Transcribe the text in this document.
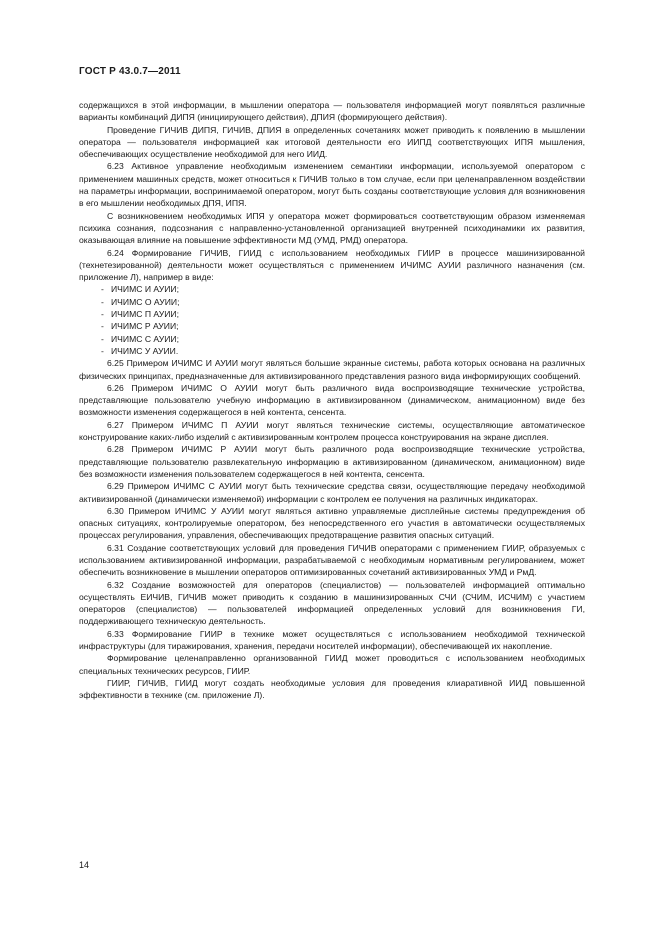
ГОСТ Р 43.0.7—2011

содержащихся в этой информации, в мышлении оператора — пользователя информацией могут появляться различные варианты комбинаций ДИПЯ (инициирующего действия), ДПИЯ (формирующего действия).

Проведение ГИЧИВ ДИПЯ, ГИЧИВ, ДПИЯ в определенных сочетаниях может приводить к появлению в мышлении оператора — пользователя информацией как итоговой деятельности его ИИПД соответствующих ИПЯ мышления, обеспечивающих осуществление необходимой для него ИИД.

6.23 Активное управление необходимым изменением семантики информации, используемой оператором с применением машинных средств, может относиться к ГИЧИВ только в том случае, если при целенаправленном воздействии на параметры информации, воспринимаемой оператором, могут быть созданы соответствующие условия для возникновения в его мышлении необходимых ДПЯ, ИПЯ.

С возникновением необходимых ИПЯ у оператора может формироваться соответствующим образом изменяемая психика сознания, подсознания с направленно-установленной организацией внутренней психодинамики их развития, оказывающая влияние на повышение эффективности МД (УМД, РМД) оператора.

6.24 Формирование ГИЧИВ, ГИИД с использованием необходимых ГИИР в процессе машинизированной (технетезированной) деятельности может осуществляться с применением ИЧИМС АУИИ различного назначения (см. приложение Л), например в виде:

- ИЧИМС И АУИИ;
- ИЧИМС О АУИИ;
- ИЧИМС П АУИИ;
- ИЧИМС Р АУИИ;
- ИЧИМС С АУИИ;
- ИЧИМС У АУИИ.

6.25 Примером ИЧИМС И АУИИ могут являться большие экранные системы, работа которых основана на различных физических принципах, предназначенные для активизированного представления разного вида информирующих сообщений.

6.26 Примером ИЧИМС О АУИИ могут быть различного вида воспроизводящие технические устройства, представляющие пользователю учебную информацию в активизированном (динамическом, анимационном) виде без возможности изменения содержащегося в ней контента, сенсента.

6.27 Примером ИЧИМС П АУИИ могут являться технические системы, осуществляющие автоматическое конструирование каких-либо изделий с активизированным контролем процесса конструирования на экране дисплея.

6.28 Примером ИЧИМС Р АУИИ могут быть различного рода воспроизводящие технические устройства, представляющие пользователю развлекательную информацию в активизированном (динамическом, анимационном) виде без возможности изменения пользователем содержащегося в ней контента, сенсента.

6.29 Примером ИЧИМС С АУИИ могут быть технические средства связи, осуществляющие передачу необходимой активизированной (динамически изменяемой) информации с контролем ее получения на различных индикаторах.

6.30 Примером ИЧИМС У АУИИ могут являться активно управляемые дисплейные системы предупреждения об опасных ситуациях, контролируемые оператором, без непосредственного его участия в автоматически осуществляемых процессах регулирования, управления, обеспечивающих предотвращение развития опасных ситуаций.

6.31 Создание соответствующих условий для проведения ГИЧИВ операторами с применением ГИИР, образуемых с использованием активизированной информации, разрабатываемой с необходимым нормативным регулированием, может обеспечить возникновение в мышлении операторов оптимизированных сочетаний активизированных УМД и РмД.

6.32 Создание возможностей для операторов (специалистов) — пользователей информацией оптимально осуществлять ЕИЧИВ, ГИЧИВ может приводить к созданию в машинизированных СЧИ (СЧИМ, ИСЧИМ) с участием операторов (специалистов) — пользователей информацией определенных условий для возникновения ГИ, поддерживающего техническую деятельность.

6.33 Формирование ГИИР в технике может осуществляться с использованием необходимой технической инфраструктуры (для тиражирования, хранения, передачи носителей информации), обеспечивающей их накопление.

Формирование целенаправленно организованной ГИИД может проводиться с использованием необходимых специальных технических ресурсов, ГИИР.

ГИИР, ГИЧИВ, ГИИД могут создать необходимые условия для проведения клиаративной ИИД повышенной эффективности в технике (см. приложение Л).

14
